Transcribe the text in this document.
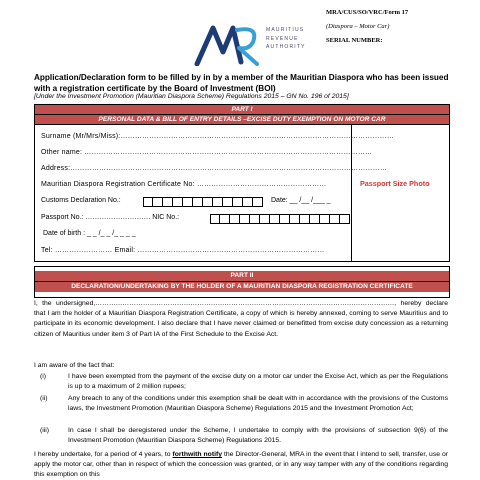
MAURITIUS
REVENUE
AUTHORITY
MRA/CUS/SO/VRC/Form 17
(Diaspora – Motor Car)
SERIAL NUMBER:
Application/Declaration form to be filled by in by a member of the Mauritian Diaspora who has been issued with a registration certificate by the Board of Investment (BOI)
[Under the Investment Promotion (Mauritian Diaspora Scheme) Regulations 2015 – GN No. 196 of 2015]
PART I
PERSONAL DATA & BILL OF ENTRY DETAILS –EXCISE DUTY EXEMPTION ON MOTOR CAR
Surname (Mr/Mrs/Miss):……………………………………………………………………………………………………
Other name: …………………………………………………………………………………………………………
Address:……………………………………………………………………………………………………………………
Mauritian Diaspora Registration Certificate No: ………………………………………………
Customs Declaration No.:	Date: __ /__ /___ _
Passport No.: ………………………. NIC No.:
Date of birth : _ _ /_ _ /_ _ _ _
Tel: …………………… Email: ……………………………………………………………………
Passport Size Photo
PART II
DECLARATION/UNDERTAKING BY THE HOLDER OF A MAURITIAN DIASPORA REGISTRATION CERTIFICATE
I, the undersigned,……………………………………………………………………………………………………………………, hereby declare that I am the holder of a Mauritian Diaspora Registration Certificate, a copy of which is hereby annexed, coming to serve Mauritius and to participate in its economic development. I also declare that I have never claimed or benefitted from excise duty concession as a returning citizen of Mauritius under item 3 of Part IA of the First Schedule to the Excise Act.
I am aware of the fact that:
(i)	I have been exempted from the payment of the excise duty on a motor car under the Excise Act, which as per the Regulations is up to a maximum of 2 million rupees;
(ii)	Any breach to any of the conditions under this exemption shall be dealt with in accordance with the provisions of the Customs laws, the Investment Promotion (Mauritian Diaspora Scheme) Regulations 2015 and the Investment Promotion Act;
(iii)	In case I shall be deregistered under the Scheme, I undertake to comply with the provisions of subsection 9(6) of the Investment Promotion (Mauritian Diaspora Scheme) Regulations 2015.
I hereby undertake, for a period of 4 years, to forthwith notify the Director-General, MRA in the event that I intend to sell, transfer, use or apply the motor car, other than in respect of which the concession was granted, or in any way tamper with any of the conditions regarding this exemption on this
